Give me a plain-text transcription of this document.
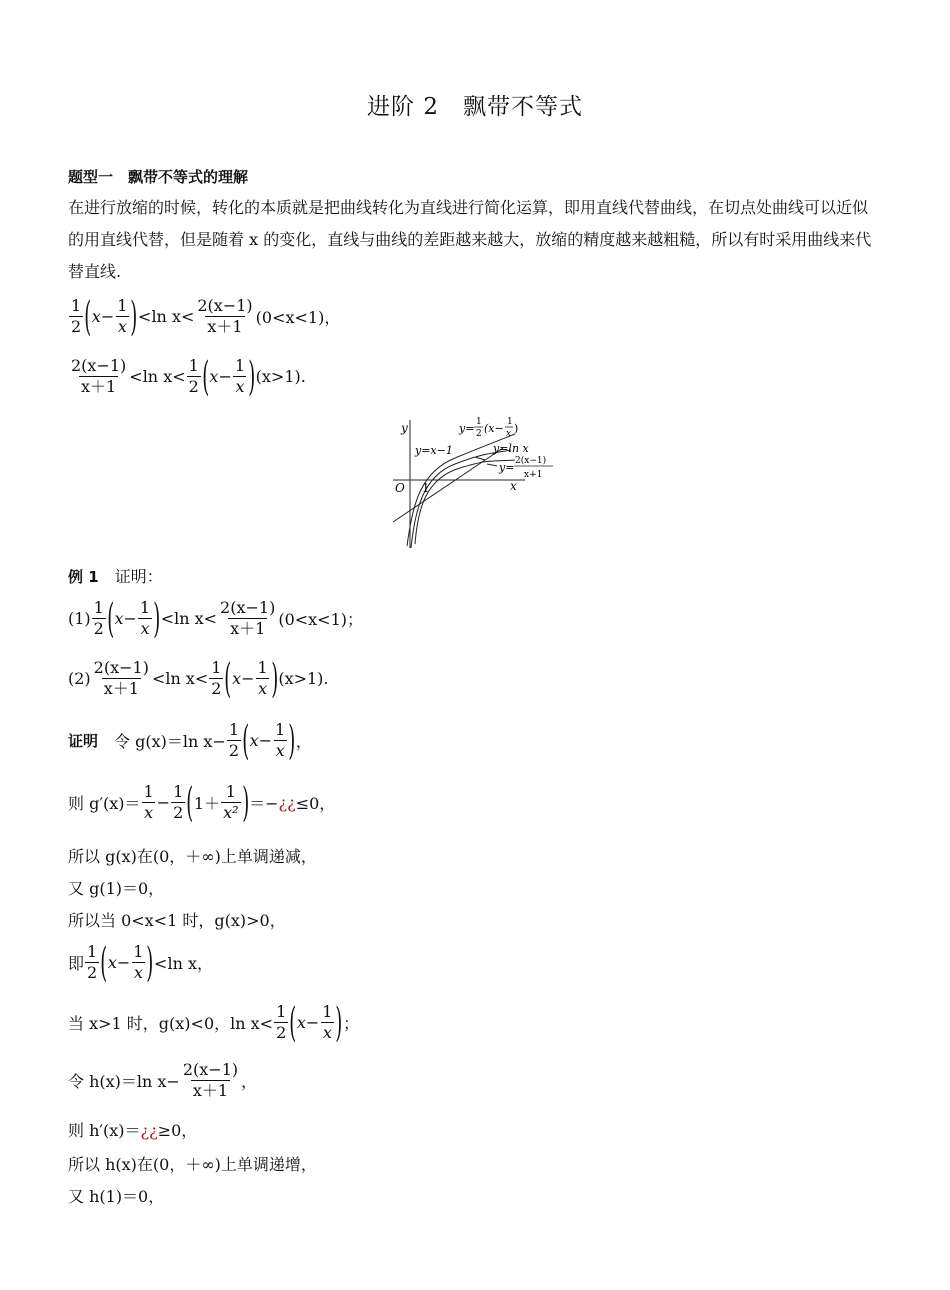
进阶 2　飘带不等式
题型一　飘带不等式的理解
在进行放缩的时候，转化的本质就是把曲线转化为直线进行简化运算，即用直线代替曲线，在切点处曲线可以近似的用直线代替，但是随着 x 的变化，直线与曲线的差距越来越大，放缩的精度越来越粗糙，所以有时采用曲线来代替直线.
$\frac{1}{2} (x- \frac{1}{x} )<\ln$ $x< \frac{2(x-1)}{x+1} (0<x<1)$，
$\frac{2(x-1)}{x+1} <\ln$ $x< \frac{1}{2} (x- \frac{1}{x} )(x>1)$.
y
x
O 1
y=x−1
y= 1
2 (x− 1
x )
y=ln x
y= 2(x−1)
x+1
例 1　 证明：
$(1) \frac{1}{2} (x- \frac{1}{x} )<\ln$ $x< \frac{2(x-1)}{x+1} (0<x<1)$；
$(2) \frac{2(x-1)}{x+1} <\ln$ $x< \frac{1}{2} (x- \frac{1}{x} )(x>1)$.
证明　 令 g(x)＝ln $x- \frac{1}{2} (x- \frac{1}{x}$ )，
则 $g'(x)= \frac{1}{x} - \frac{1}{2} (1+ \frac{1}{\text{x²}}$ )＝−¿¿≤0，
所以 g(x)在(0，＋∞)上单调递减，
又 g(1)＝0，
所以当 0<x<1 时，g(x)>0，
即 $\frac{1}{2} (x- \frac{1}{x} )<\ln$ x，
当 x>1 时，g(x)<0，$\ln x< \frac{1}{2} (x- \frac{1}{x}$ )；
令 h(x)＝ln $x- \frac{2(x-1)}{x+1}$ ，
则 h′(x)＝¿¿≥0，
所以 h(x)在(0，＋∞)上单调递增，
又 h(1)＝0，
